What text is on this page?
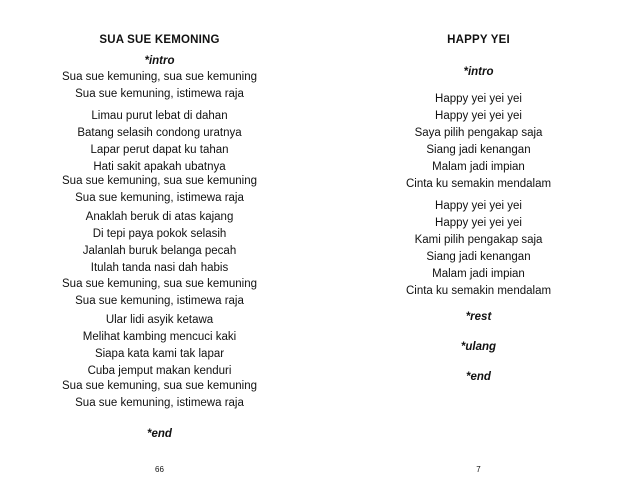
SUA SUE KEMONING
*intro
Sua sue kemuning, sua sue kemuning
Sua sue kemuning, istimewa raja
Limau purut lebat di dahan
Batang selasih condong uratnya
Lapar perut dapat ku tahan
Hati sakit apakah ubatnya
Sua sue kemuning, sua sue kemuning
Sua sue kemuning, istimewa raja
Anaklah beruk di atas kajang
Di tepi paya pokok selasih
Jalanlah buruk belanga pecah
Itulah tanda nasi dah habis
Sua sue kemuning, sua sue kemuning
Sua sue kemuning, istimewa raja
Ular lidi asyik ketawa
Melihat kambing mencuci kaki
Siapa kata kami tak lapar
Cuba jemput makan kenduri
Sua sue kemuning, sua sue kemuning
Sua sue kemuning, istimewa raja
*end
66
HAPPY YEI
*intro
Happy yei yei yei
Happy yei yei yei
Saya pilih pengakap saja
Siang jadi kenangan
Malam jadi impian
Cinta ku semakin mendalam
Happy yei yei yei
Happy yei yei yei
Kami pilih pengakap saja
Siang jadi kenangan
Malam jadi impian
Cinta ku semakin mendalam
*rest
*ulang
*end
7
